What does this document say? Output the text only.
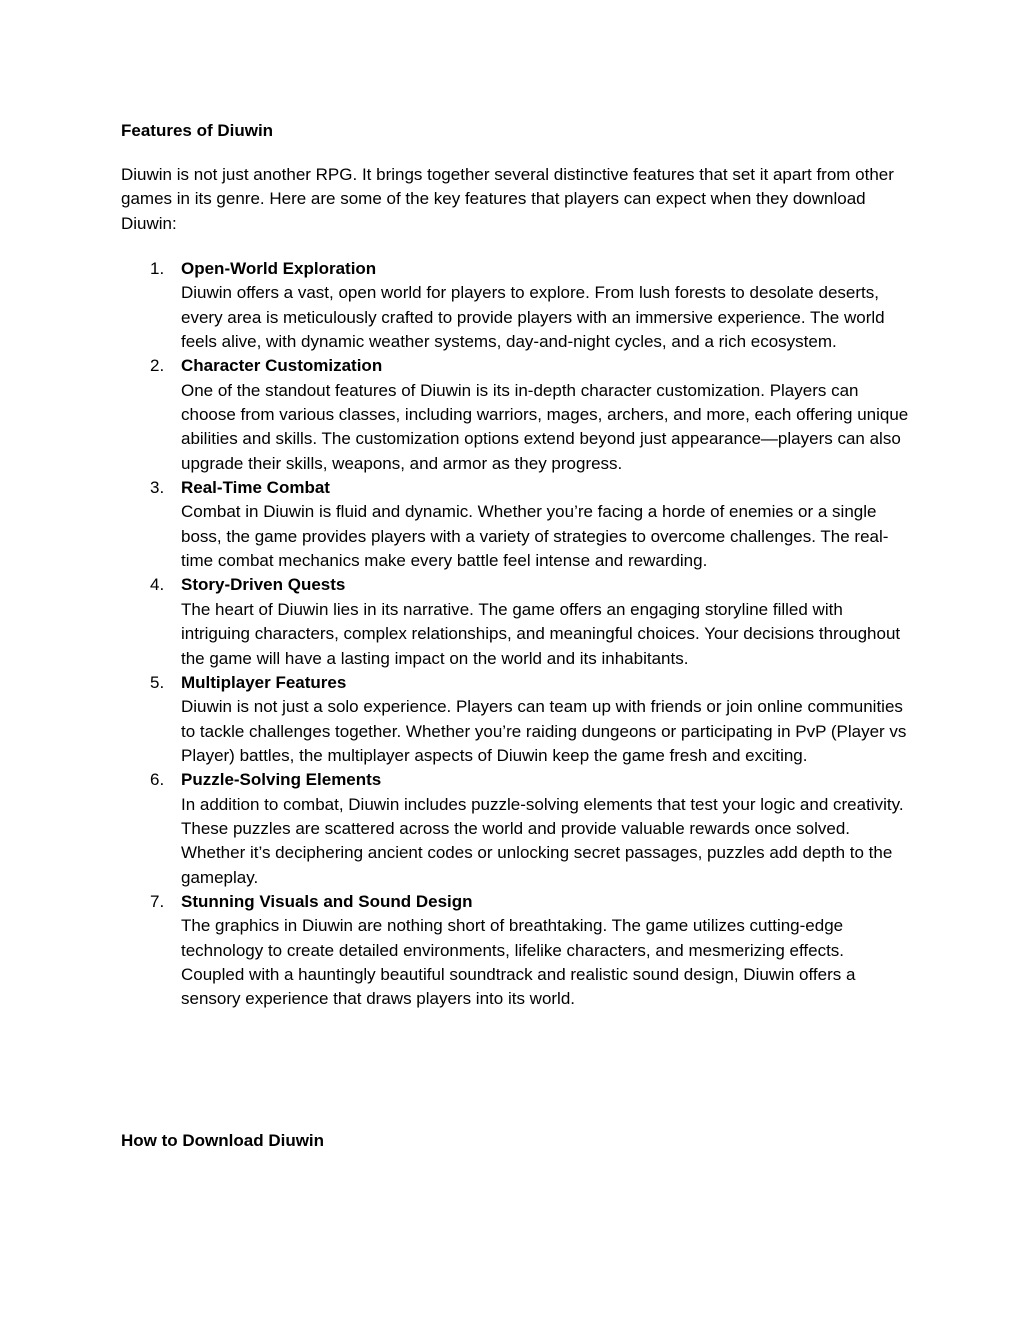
Features of Diuwin

Diuwin is not just another RPG. It brings together several distinctive features that set it apart from other games in its genre. Here are some of the key features that players can expect when they download Diuwin:

1. Open-World Exploration
Diuwin offers a vast, open world for players to explore. From lush forests to desolate deserts, every area is meticulously crafted to provide players with an immersive experience. The world feels alive, with dynamic weather systems, day-and-night cycles, and a rich ecosystem.
2. Character Customization
One of the standout features of Diuwin is its in-depth character customization. Players can choose from various classes, including warriors, mages, archers, and more, each offering unique abilities and skills. The customization options extend beyond just appearance—players can also upgrade their skills, weapons, and armor as they progress.
3. Real-Time Combat
Combat in Diuwin is fluid and dynamic. Whether you’re facing a horde of enemies or a single boss, the game provides players with a variety of strategies to overcome challenges. The real-time combat mechanics make every battle feel intense and rewarding.
4. Story-Driven Quests
The heart of Diuwin lies in its narrative. The game offers an engaging storyline filled with intriguing characters, complex relationships, and meaningful choices. Your decisions throughout the game will have a lasting impact on the world and its inhabitants.
5. Multiplayer Features
Diuwin is not just a solo experience. Players can team up with friends or join online communities to tackle challenges together. Whether you’re raiding dungeons or participating in PvP (Player vs Player) battles, the multiplayer aspects of Diuwin keep the game fresh and exciting.
6. Puzzle-Solving Elements
In addition to combat, Diuwin includes puzzle-solving elements that test your logic and creativity. These puzzles are scattered across the world and provide valuable rewards once solved. Whether it’s deciphering ancient codes or unlocking secret passages, puzzles add depth to the gameplay.
7. Stunning Visuals and Sound Design
The graphics in Diuwin are nothing short of breathtaking. The game utilizes cutting-edge technology to create detailed environments, lifelike characters, and mesmerizing effects. Coupled with a hauntingly beautiful soundtrack and realistic sound design, Diuwin offers a sensory experience that draws players into its world.
How to Download Diuwin
